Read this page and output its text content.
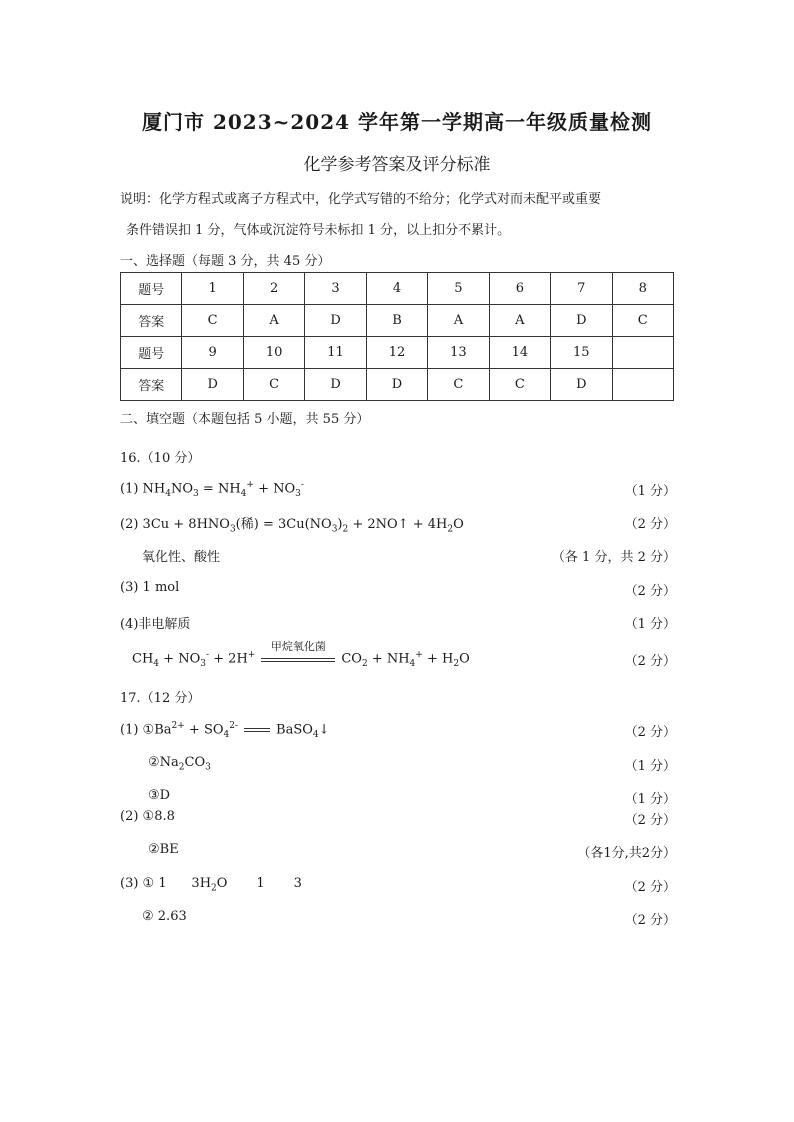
厦门市 2023~2024 学年第一学期高一年级质量检测
化学参考答案及评分标准
说明：化学方程式或离子方程式中，化学式写错的不给分；化学式对而未配平或重要
条件错误扣 1 分，气体或沉淀符号未标扣 1 分，以上扣分不累计。
一、选择题（每题 3 分，共 45 分）
题号	1	2	3	4	5	6	7	8
答案	C	A	D	B	A	A	D	C
题号	9	10	11	12	13	14	15	
答案	D	C	D	D	C	C	D	
二、填空题（本题包括 5 小题，共 55 分）
16.（10 分）
(1) $NH_4NO_3 = NH_4^+ + NO_3^-$	（1 分）
(2) $3Cu + 8HNO_3$(稀) = $3Cu(NO_3)_2$ + 2NO↑ + $4H_2O$	（2 分）
氧化性、酸性	（各 1 分，共 2 分）
(3) 1 mol	（2 分）
(4)非电解质	（1 分）
$CH_4 + NO_3^- + 2H^+$
甲烷氧化菌
$CO_2 + NH_4^+ + H_2O$	（2 分）
17.（12 分）
(1) $①Ba^{2+} + SO_4^{2-}$	BaSO$_4$↓	（2 分）
$②Na_2CO_3$	（1 分）
③D	（1 分）
(2) ①8.8	（2 分）
②BE	（各1分,共2分）
(3) ① 1 $3H_2O$ 1 3	（2 分）
② 2.63	（2 分）
